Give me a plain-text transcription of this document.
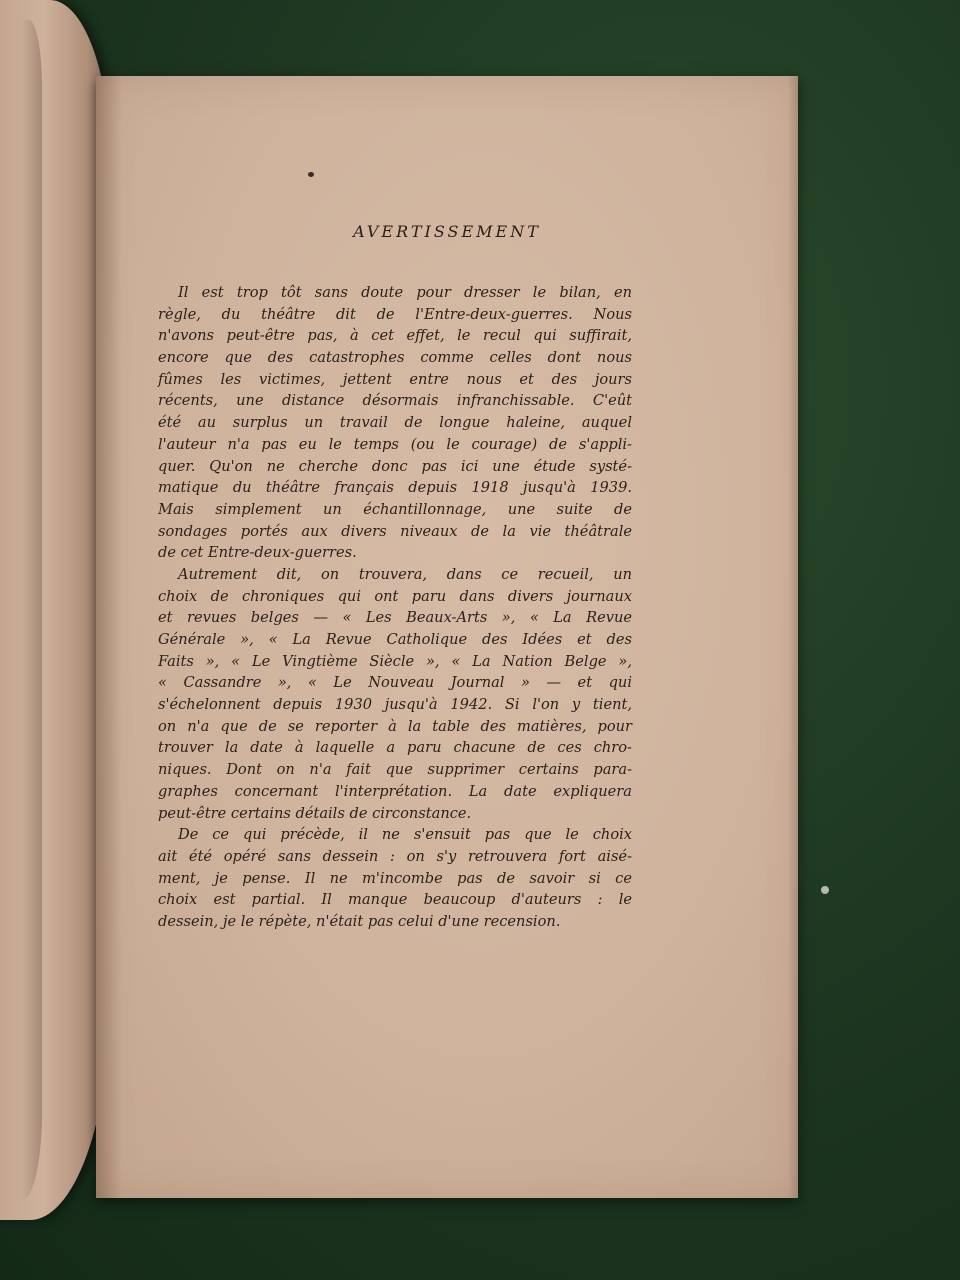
AVERTISSEMENT
Il est trop tôt sans doute pour dresser le bilan, en
règle, du théâtre dit de l'Entre-deux-guerres. Nous
n'avons peut-être pas, à cet effet, le recul qui suffirait,
encore que des catastrophes comme celles dont nous
fûmes les victimes, jettent entre nous et des jours
récents, une distance désormais infranchissable. C'eût
été au surplus un travail de longue haleine, auquel
l'auteur n'a pas eu le temps (ou le courage) de s'appli-
quer. Qu'on ne cherche donc pas ici une étude systé-
matique du théâtre français depuis 1918 jusqu'à 1939.
Mais simplement un échantillonnage, une suite de
sondages portés aux divers niveaux de la vie théâtrale
de cet Entre-deux-guerres.
Autrement dit, on trouvera, dans ce recueil, un
choix de chroniques qui ont paru dans divers journaux
et revues belges — « Les Beaux-Arts », « La Revue
Générale », « La Revue Catholique des Idées et des
Faits », « Le Vingtième Siècle », « La Nation Belge »,
« Cassandre », « Le Nouveau Journal » — et qui
s'échelonnent depuis 1930 jusqu'à 1942. Si l'on y tient,
on n'a que de se reporter à la table des matières, pour
trouver la date à laquelle a paru chacune de ces chro-
niques. Dont on n'a fait que supprimer certains para-
graphes concernant l'interprétation. La date expliquera
peut-être certains détails de circonstance.
De ce qui précède, il ne s'ensuit pas que le choix
ait été opéré sans dessein : on s'y retrouvera fort aisé-
ment, je pense. Il ne m'incombe pas de savoir si ce
choix est partial. Il manque beaucoup d'auteurs : le
dessein, je le répète, n'était pas celui d'une recension.
